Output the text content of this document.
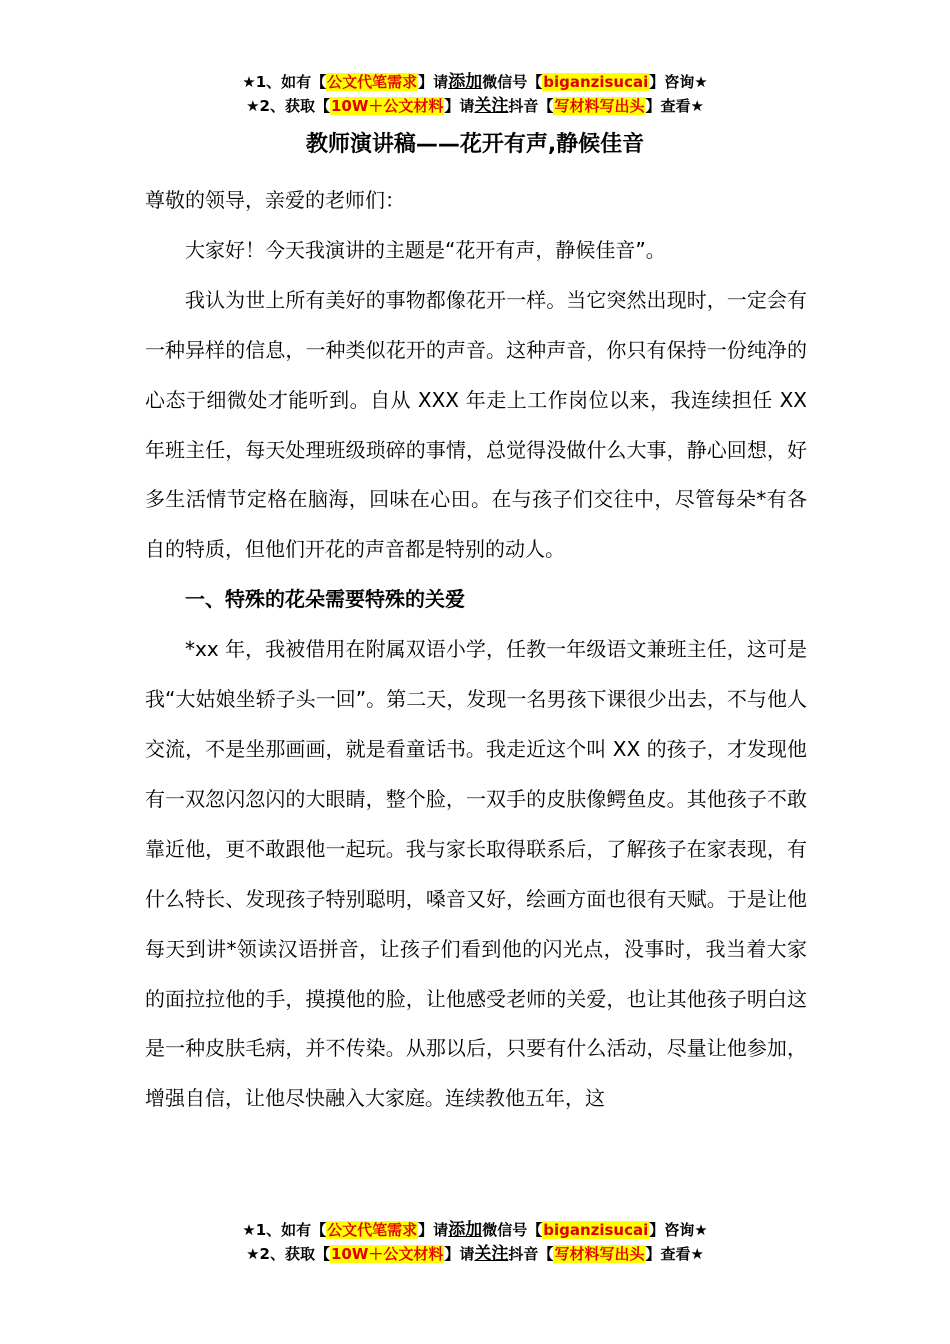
★1、如有【公文代笔需求】请添加微信号【biganzisucai】咨询★
★2、获取【10W＋公文材料】请关注抖音【写材料写出头】查看★
教师演讲稿——花开有声,静候佳音

尊敬的领导，亲爱的老师们：

大家好！今天我演讲的主题是“花开有声，静候佳音”。

我认为世上所有美好的事物都像花开一样。当它突然出现时，一定会有一种异样的信息，一种类似花开的声音。这种声音，你只有保持一份纯净的心态于细微处才能听到。自从 XXX 年走上工作岗位以来，我连续担任 XX 年班主任，每天处理班级琐碎的事情，总觉得没做什么大事，静心回想，好多生活情节定格在脑海，回味在心田。在与孩子们交往中，尽管每朵*有各自的特质，但他们开花的声音都是特别的动人。

一、特殊的花朵需要特殊的关爱

*xx 年，我被借用在附属双语小学，任教一年级语文兼班主任，这可是我“大姑娘坐轿子头一回”。第二天，发现一名男孩下课很少出去，不与他人交流，不是坐那画画，就是看童话书。我走近这个叫 XX 的孩子，才发现他有一双忽闪忽闪的大眼睛，整个脸，一双手的皮肤像鳄鱼皮。其他孩子不敢靠近他，更不敢跟他一起玩。我与家长取得联系后，了解孩子在家表现，有什么特长、发现孩子特别聪明，嗓音又好，绘画方面也很有天赋。于是让他每天到讲*领读汉语拼音，让孩子们看到他的闪光点，没事时，我当着大家的面拉拉他的手，摸摸他的脸，让他感受老师的关爱，也让其他孩子明白这是一种皮肤毛病，并不传染。从那以后，只要有什么活动，尽量让他参加，增强自信，让他尽快融入大家庭。连续教他五年，这

★1、如有【公文代笔需求】请添加微信号【biganzisucai】咨询★
★2、获取【10W＋公文材料】请关注抖音【写材料写出头】查看★
